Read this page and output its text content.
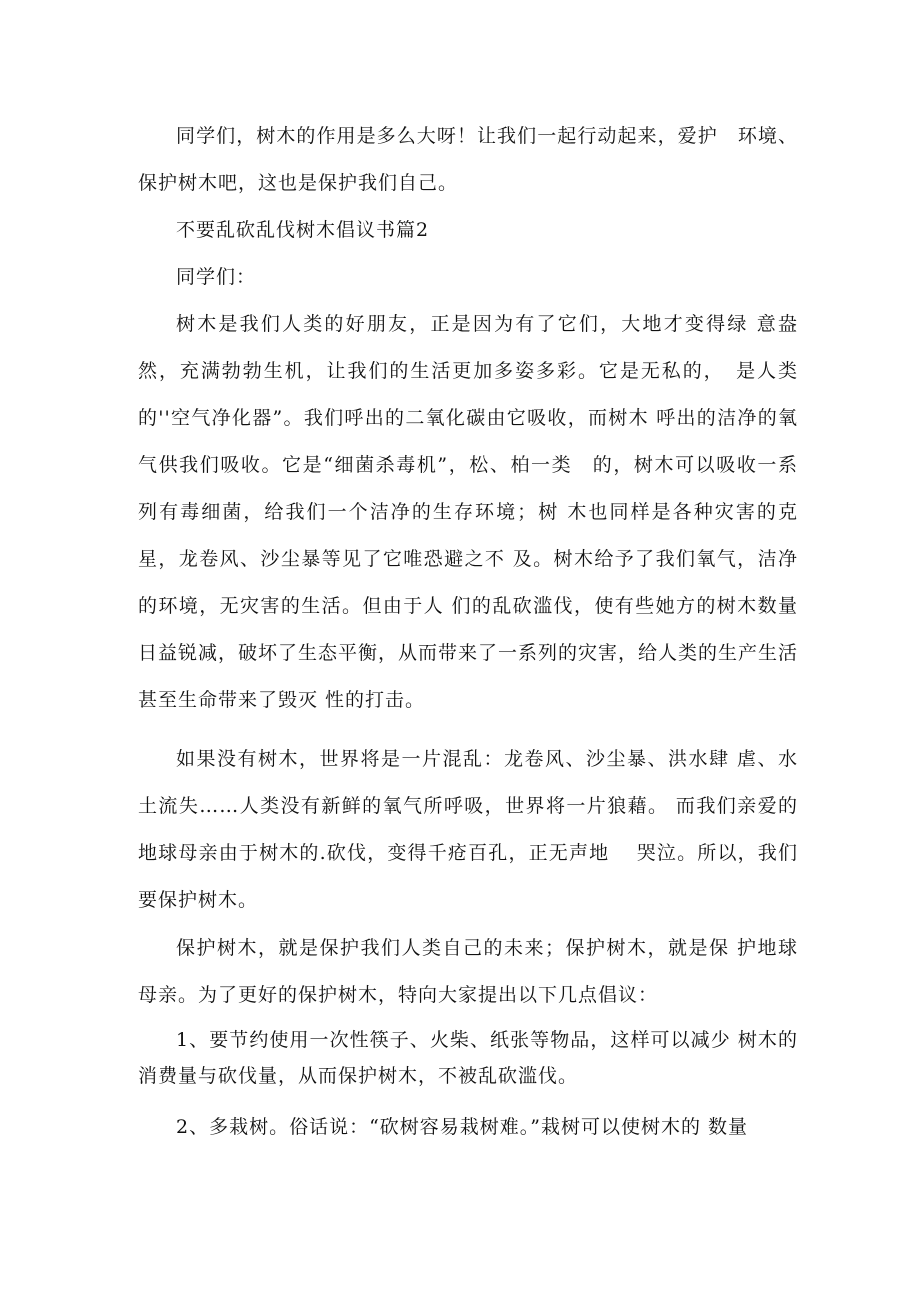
同学们，树木的作用是多么大呀！让我们一起行动起来，爱护　环境、保护树木吧，这也是保护我们自己。

不要乱砍乱伐树木倡议书篇2

同学们：

树木是我们人类的好朋友，正是因为有了它们，大地才变得绿 意盎然，充满勃勃生机，让我们的生活更加多姿多彩。它是无私的，　是人类的''空气净化器”。我们呼出的二氧化碳由它吸收，而树木 呼出的洁净的氧气供我们吸收。它是“细菌杀毒机”，松、柏一类　的，树木可以吸收一系列有毒细菌，给我们一个洁净的生存环境；树 木也同样是各种灾害的克星，龙卷风、沙尘暴等见了它唯恐避之不 及。树木给予了我们氧气，洁净的环境，无灾害的生活。但由于人 们的乱砍滥伐，使有些她方的树木数量日益锐减，破坏了生态平衡，从而带来了一系列的灾害，给人类的生产生活甚至生命带来了毁灭 性的打击。

如果没有树木，世界将是一片混乱：龙卷风、沙尘暴、洪水肆 虐、水土流失……人类没有新鲜的氧气所呼吸，世界将一片狼藉。 而我们亲爱的地球母亲由于树木的.砍伐，变得千疮百孔，正无声地　 哭泣。所以，我们要保护树木。

保护树木，就是保护我们人类自己的未来；保护树木，就是保 护地球母亲。为了更好的保护树木，特向大家提出以下几点倡议：

1、要节约使用一次性筷子、火柴、纸张等物品，这样可以减少 树木的消费量与砍伐量，从而保护树木，不被乱砍滥伐。

2、多栽树。俗话说：“砍树容易栽树难。”栽树可以使树木的 数量
